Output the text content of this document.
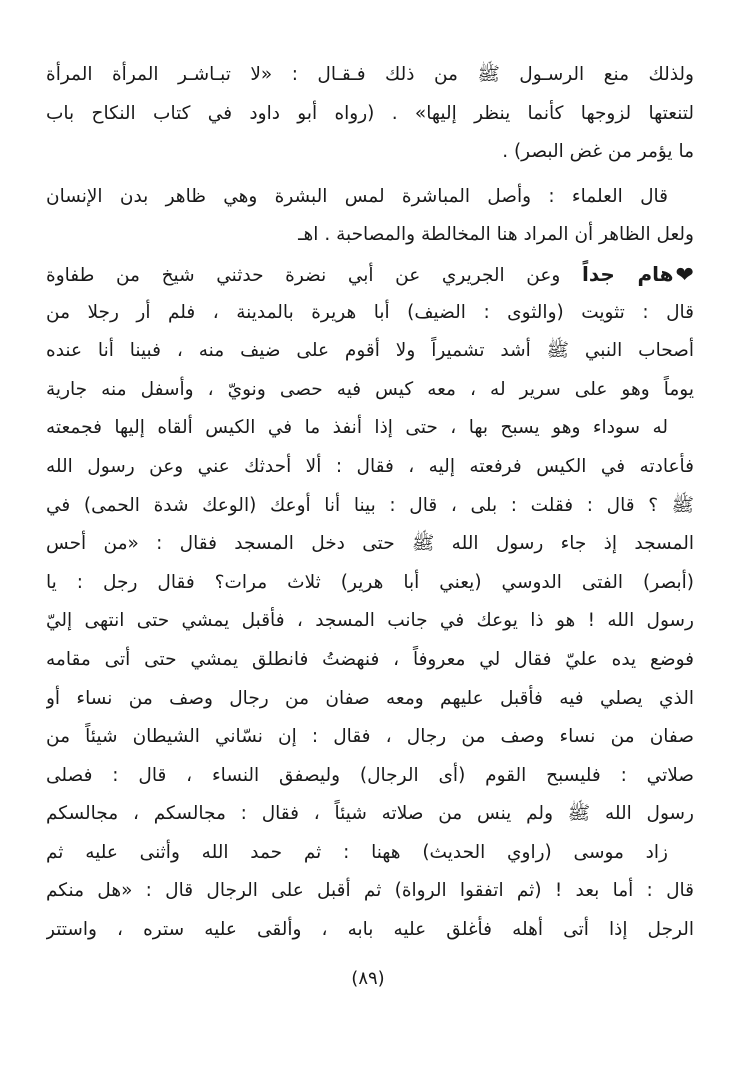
ولذلك منع الرسـول ﷺ من ذلك فـقـال : «لا تبـاشـر المرأة المرأة
لتنعتها لزوجها كأنما ينظر إليها» . (رواه أبو داود في كتاب النكاح باب
ما يؤمر من غض البصر) .
قال العلماء : وأصل المباشرة لمس البشرة وهي ظاهر بدن الإنسان
ولعل الظاهر أن المراد هنا المخالطة والمصاحبة . اهـ
❤هام جداً وعن الجريري عن أبي نضرة حدثني شيخ من طفاوة
قال : تثويت (والثوى : الضيف) أبا هريرة بالمدينة ، فلم أر رجلا من
أصحاب النبي ﷺ أشد تشميراً ولا أقوم على ضيف منه ، فبينا أنا عنده
يوماً وهو على سرير له ، معه كيس فيه حصى ونويّ ، وأسفل منه جارية
له سوداء وهو يسبح بها ، حتى إذا أنفذ ما في الكيس ألقاه إليها فجمعته
فأعادته في الكيس فرفعته إليه ، فقال : ألا أحدثك عني وعن رسول الله
ﷺ ؟ قال : فقلت : بلى ، قال : بينا أنا أوعك (الوعك شدة الحمى) في
المسجد إذ جاء رسول الله ﷺ حتى دخل المسجد فقال : «من أحس
(أبصر) الفتى الدوسي (يعني أبا هرير) ثلاث مرات؟ فقال رجل : يا
رسول الله ! هو ذا يوعك في جانب المسجد ، فأقبل يمشي حتى انتهى إليّ
فوضع يده عليّ فقال لي معروفاً ، فنهضتُ فانطلق يمشي حتى أتى مقامه
الذي يصلي فيه فأقبل عليهم ومعه صفان من رجال وصف من نساء أو
صفان من نساء وصف من رجال ، فقال : إن نسّاني الشيطان شيئاً من
صلاتي : فليسبح القوم (أى الرجال) وليصفق النساء ، قال : فصلى
رسول الله ﷺ ولم ينس من صلاته شيئاً ، فقال : مجالسكم ، مجالسكم
زاد موسى (راوي الحديث) ههنا : ثم حمد الله وأثنى عليه ثم
قال : أما بعد ! (ثم اتفقوا الرواة) ثم أقبل على الرجال قال : «هل منكم
الرجل إذا أتى أهله فأغلق عليه بابه ، وألقى عليه ستره ، واستتر
(٨٩)
